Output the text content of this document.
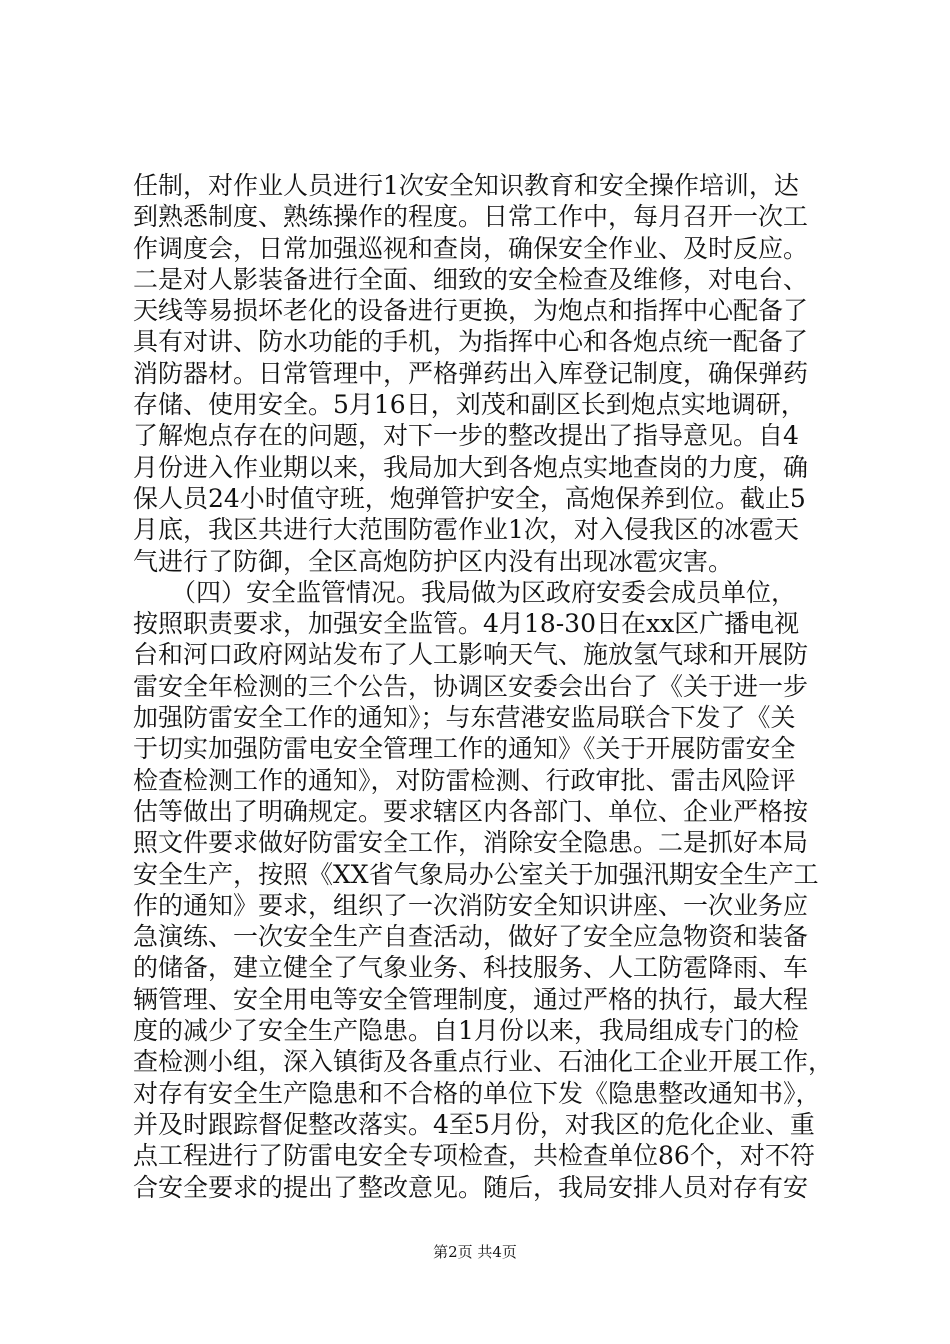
任制，对作业人员进行1次安全知识教育和安全操作培训，达
到熟悉制度、熟练操作的程度。日常工作中，每月召开一次工
作调度会，日常加强巡视和查岗，确保安全作业、及时反应。
二是对人影装备进行全面、细致的安全检查及维修，对电台、
天线等易损坏老化的设备进行更换，为炮点和指挥中心配备了
具有对讲、防水功能的手机，为指挥中心和各炮点统一配备了
消防器材。日常管理中，严格弹药出入库登记制度，确保弹药
存储、使用安全。5月16日，刘茂和副区长到炮点实地调研，
了解炮点存在的问题，对下一步的整改提出了指导意见。自4
月份进入作业期以来，我局加大到各炮点实地查岗的力度，确
保人员24小时值守班，炮弹管护安全，高炮保养到位。截止5
月底，我区共进行大范围防雹作业1次，对入侵我区的冰雹天
气进行了防御，全区高炮防护区内没有出现冰雹灾害。
（四）安全监管情况。我局做为区政府安委会成员单位，
按照职责要求，加强安全监管。4月18-30日在xx区广播电视
台和河口政府网站发布了人工影响天气、施放氢气球和开展防
雷安全年检测的三个公告，协调区安委会出台了《关于进一步
加强防雷安全工作的通知》；与东营港安监局联合下发了《关
于切实加强防雷电安全管理工作的通知》《关于开展防雷安全
检查检测工作的通知》，对防雷检测、行政审批、雷击风险评
估等做出了明确规定。要求辖区内各部门、单位、企业严格按
照文件要求做好防雷安全工作，消除安全隐患。二是抓好本局
安全生产，按照《XX省气象局办公室关于加强汛期安全生产工
作的通知》要求，组织了一次消防安全知识讲座、一次业务应
急演练、一次安全生产自查活动，做好了安全应急物资和装备
的储备，建立健全了气象业务、科技服务、人工防雹降雨、车
辆管理、安全用电等安全管理制度，通过严格的执行，最大程
度的减少了安全生产隐患。自1月份以来，我局组成专门的检
查检测小组，深入镇街及各重点行业、石油化工企业开展工作，
对存有安全生产隐患和不合格的单位下发《隐患整改通知书》，
并及时跟踪督促整改落实。4至5月份，对我区的危化企业、重
点工程进行了防雷电安全专项检查，共检查单位86个，对不符
合安全要求的提出了整改意见。随后，我局安排人员对存有安
第2页 共4页
